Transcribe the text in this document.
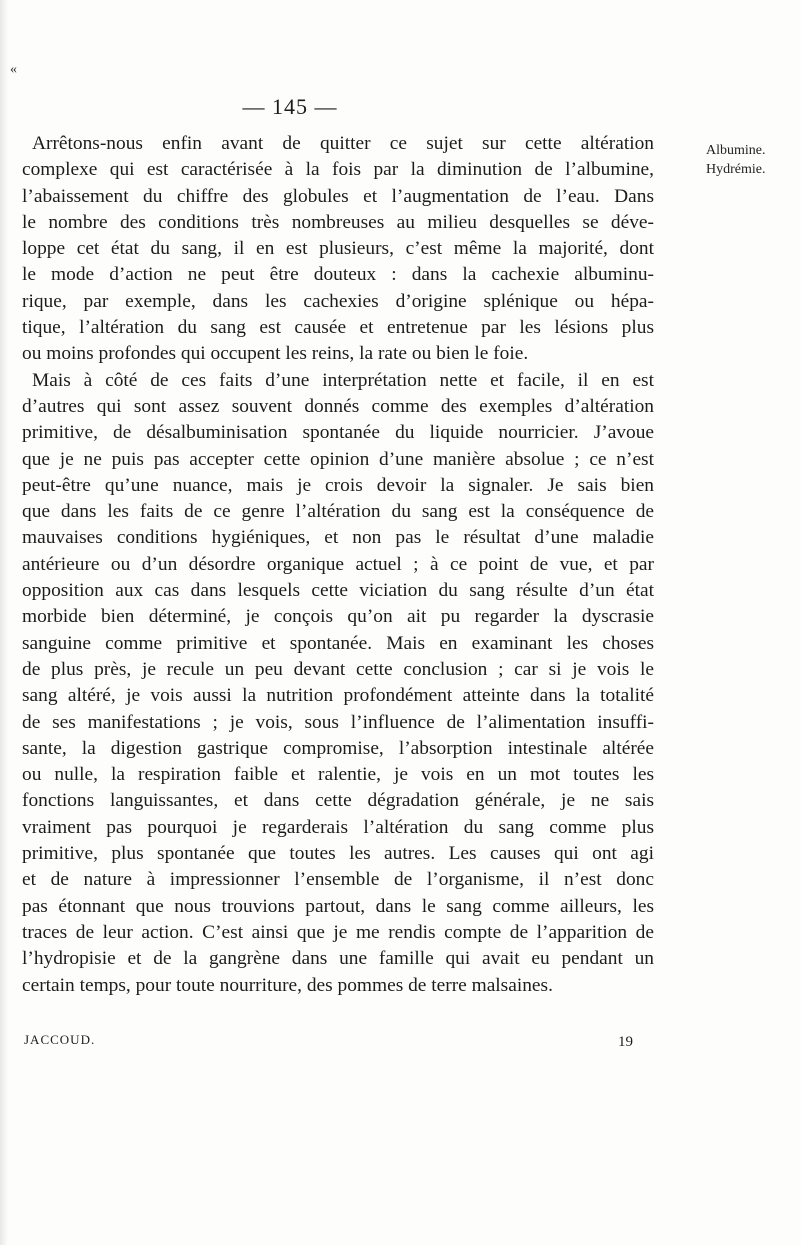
«
— 145 —
Albumine.
Hydrémie.
Arrêtons-nous enfin avant de quitter ce sujet sur cette altération
complexe qui est caractérisée à la fois par la diminution de l’albumine,
l’abaissement du chiffre des globules et l’augmentation de l’eau. Dans
le nombre des conditions très nombreuses au milieu desquelles se déve-
loppe cet état du sang, il en est plusieurs, c’est même la majorité, dont
le mode d’action ne peut être douteux : dans la cachexie albuminu-
rique, par exemple, dans les cachexies d’origine splénique ou hépa-
tique, l’altération du sang est causée et entretenue par les lésions plus
ou moins profondes qui occupent les reins, la rate ou bien le foie.
Mais à côté de ces faits d’une interprétation nette et facile, il en est
d’autres qui sont assez souvent donnés comme des exemples d’altération
primitive, de désalbuminisation spontanée du liquide nourricier. J’avoue
que je ne puis pas accepter cette opinion d’une manière absolue ; ce n’est
peut-être qu’une nuance, mais je crois devoir la signaler. Je sais bien
que dans les faits de ce genre l’altération du sang est la conséquence de
mauvaises conditions hygiéniques, et non pas le résultat d’une maladie
antérieure ou d’un désordre organique actuel ; à ce point de vue, et par
opposition aux cas dans lesquels cette viciation du sang résulte d’un état
morbide bien déterminé, je conçois qu’on ait pu regarder la dyscrasie
sanguine comme primitive et spontanée. Mais en examinant les choses
de plus près, je recule un peu devant cette conclusion ; car si je vois le
sang altéré, je vois aussi la nutrition profondément atteinte dans la totalité
de ses manifestations ; je vois, sous l’influence de l’alimentation insuffi-
sante, la digestion gastrique compromise, l’absorption intestinale altérée
ou nulle, la respiration faible et ralentie, je vois en un mot toutes les
fonctions languissantes, et dans cette dégradation générale, je ne sais
vraiment pas pourquoi je regarderais l’altération du sang comme plus
primitive, plus spontanée que toutes les autres. Les causes qui ont agi
et de nature à impressionner l’ensemble de l’organisme, il n’est donc
pas étonnant que nous trouvions partout, dans le sang comme ailleurs, les
traces de leur action. C’est ainsi que je me rendis compte de l’apparition de
l’hydropisie et de la gangrène dans une famille qui avait eu pendant un
certain temps, pour toute nourriture, des pommes de terre malsaines.
JACCOUD.	19
